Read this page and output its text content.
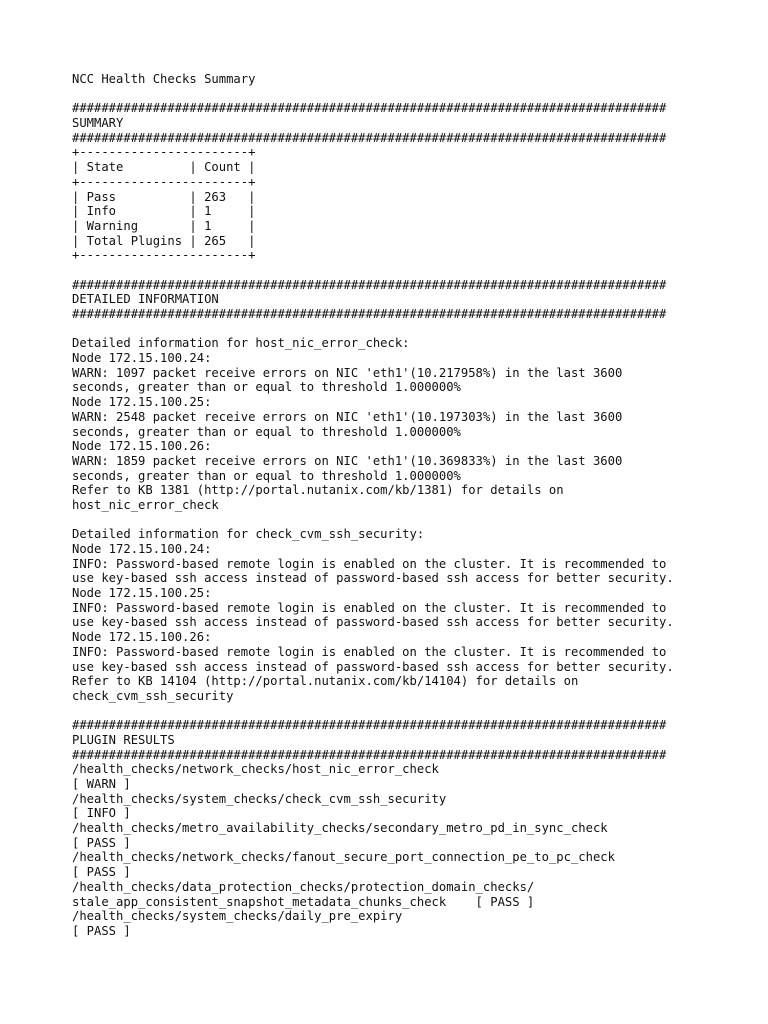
NCC Health Checks Summary
#################################################################################
SUMMARY
#################################################################################
+-----------------------+
| State         | Count |
+-----------------------+
| Pass          | 263   |
| Info          | 1     |
| Warning       | 1     |
| Total Plugins | 265   |
+-----------------------+
#################################################################################
DETAILED INFORMATION
#################################################################################
Detailed information for host_nic_error_check:
Node 172.15.100.24:
WARN: 1097 packet receive errors on NIC 'eth1'(10.217958%) in the last 3600
seconds, greater than or equal to threshold 1.000000%
Node 172.15.100.25:
WARN: 2548 packet receive errors on NIC 'eth1'(10.197303%) in the last 3600
seconds, greater than or equal to threshold 1.000000%
Node 172.15.100.26:
WARN: 1859 packet receive errors on NIC 'eth1'(10.369833%) in the last 3600
seconds, greater than or equal to threshold 1.000000%
Refer to KB 1381 (http://portal.nutanix.com/kb/1381) for details on
host_nic_error_check
Detailed information for check_cvm_ssh_security:
Node 172.15.100.24:
INFO: Password-based remote login is enabled on the cluster. It is recommended to
use key-based ssh access instead of password-based ssh access for better security.
Node 172.15.100.25:
INFO: Password-based remote login is enabled on the cluster. It is recommended to
use key-based ssh access instead of password-based ssh access for better security.
Node 172.15.100.26:
INFO: Password-based remote login is enabled on the cluster. It is recommended to
use key-based ssh access instead of password-based ssh access for better security.
Refer to KB 14104 (http://portal.nutanix.com/kb/14104) for details on
check_cvm_ssh_security
#################################################################################
PLUGIN RESULTS
#################################################################################
/health_checks/network_checks/host_nic_error_check
[ WARN ]
/health_checks/system_checks/check_cvm_ssh_security
[ INFO ]
/health_checks/metro_availability_checks/secondary_metro_pd_in_sync_check
[ PASS ]
/health_checks/network_checks/fanout_secure_port_connection_pe_to_pc_check
[ PASS ]
/health_checks/data_protection_checks/protection_domain_checks/
stale_app_consistent_snapshot_metadata_chunks_check    [ PASS ]
/health_checks/system_checks/daily_pre_expiry
[ PASS ]
